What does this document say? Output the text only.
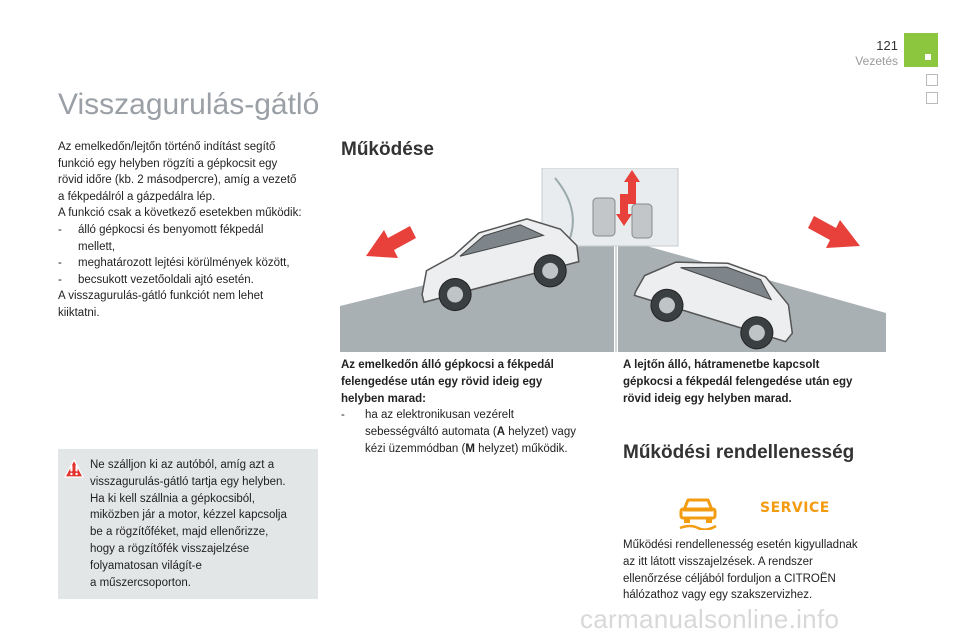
121
Vezetés
Visszagurulás-gátló
Az emelkedőn/lejtőn történő indítást segítő
funkció egy helyben rögzíti a gépkocsit egy
rövid időre (kb. 2 másodpercre), amíg a vezető
a fékpedálról a gázpedálra lép.
A funkció csak a következő esetekben működik:
-	álló gépkocsi és benyomott fékpedál
mellett,
-	meghatározott lejtési körülmények között,
-	becsukott vezetőoldali ajtó esetén.
A visszagurulás-gátló funkciót nem lehet
kiiktatni.
Ne szálljon ki az autóból, amíg azt a
visszagurulás-gátló tartja egy helyben.
Ha ki kell szállnia a gépkocsiból,
miközben jár a motor, kézzel kapcsolja
be a rögzítőféket, majd ellenőrizze,
hogy a rögzítőfék visszajelzése
folyamatosan világít-e
a műszercsoporton.
Működése
Az emelkedőn álló gépkocsi a fékpedál
felengedése után egy rövid ideig egy
helyben marad:
- ha az elektronikusan vezérelt
sebességváltó automata (A helyzet) vagy
kézi üzemmódban (M helyzet) működik.
A lejtőn álló, hátramenetbe kapcsolt
gépkocsi a fékpedál felengedése után egy
rövid ideig egy helyben marad.
Működési rendellenesség
SERVICE
Működési rendellenesség esetén kigyulladnak
az itt látott visszajelzések. A rendszer
ellenőrzése céljából forduljon a CITROËN
hálózathoz vagy egy szakszervizhez.
carmanualsonline.info
